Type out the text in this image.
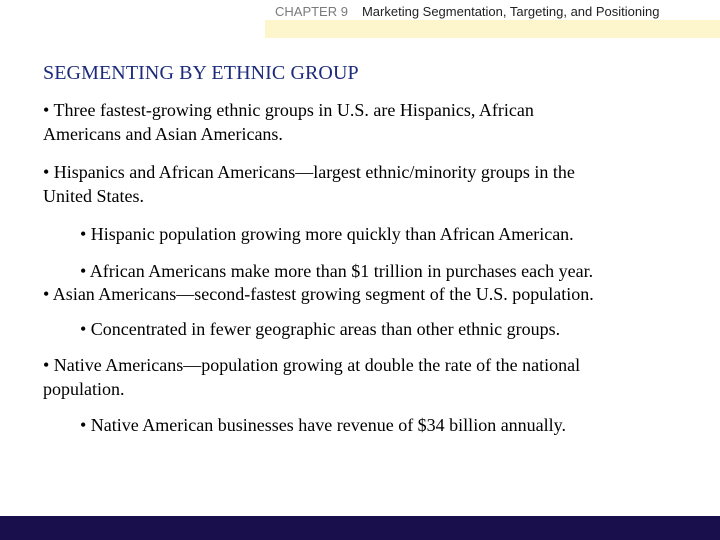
CHAPTER 9 Marketing Segmentation, Targeting, and Positioning
SEGMENTING BY ETHNIC GROUP
• Three fastest-growing ethnic groups in U.S. are Hispanics, African
Americans and Asian Americans.
• Hispanics and African Americans—largest ethnic/minority groups in the
United States.
• Hispanic population growing more quickly than African American.
• African Americans make more than $1 trillion in purchases each year.
• Asian Americans—second-fastest growing segment of the U.S. population.
• Concentrated in fewer geographic areas than other ethnic groups.
• Native Americans—population growing at double the rate of the national
population.
• Native American businesses have revenue of $34 billion annually.
